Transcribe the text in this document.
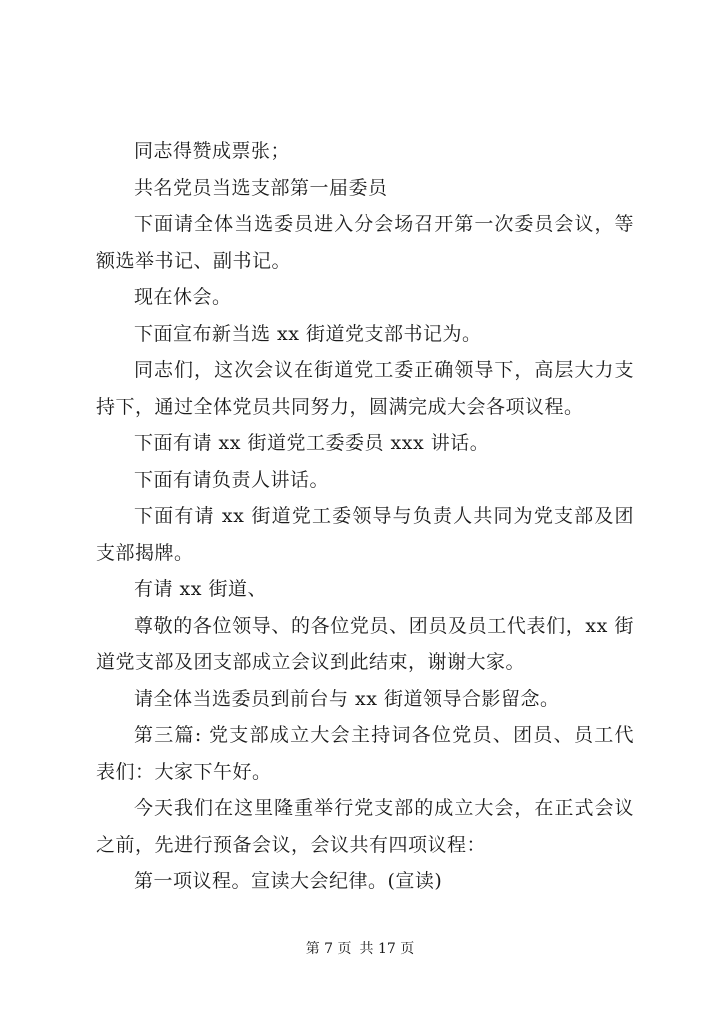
同志得赞成票张；

共名党员当选支部第一届委员

下面请全体当选委员进入分会场召开第一次委员会议，等额选举书记、副书记。

现在休会。

下面宣布新当选 xx 街道党支部书记为。

同志们，这次会议在街道党工委正确领导下，高层大力支持下，通过全体党员共同努力，圆满完成大会各项议程。

下面有请 xx 街道党工委委员 xxx 讲话。

下面有请负责人讲话。

下面有请 xx 街道党工委领导与负责人共同为党支部及团支部揭牌。

有请 xx 街道、

尊敬的各位领导、的各位党员、团员及员工代表们，xx 街道党支部及团支部成立会议到此结束，谢谢大家。

请全体当选委员到前台与 xx 街道领导合影留念。

第三篇: 党支部成立大会主持词各位党员、团员、员工代表们：大家下午好。

今天我们在这里隆重举行党支部的成立大会，在正式会议之前，先进行预备会议，会议共有四项议程：

第一项议程。宣读大会纪律。(宣读)

第 7 页 共 17 页
